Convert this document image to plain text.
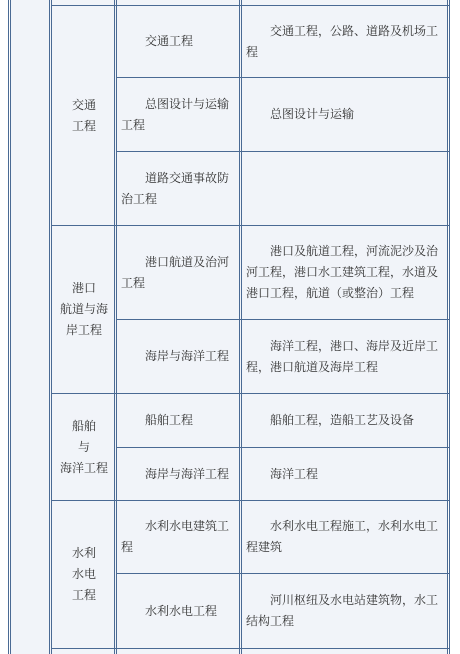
交通
工程
交通工程
交通工程，公路、道路及机场工程
总图设计与运输工程
总图设计与运输
道路交通事故防治工程
港口
航道与海
岸工程
港口航道及治河工程
港口及航道工程，河流泥沙及治河工程，港口水工建筑工程，水道及港口工程，航道（或整治）工程
海岸与海洋工程
海洋工程，港口、海岸及近岸工程，港口航道及海岸工程
船舶
与
海洋工程
船舶工程	船舶工程，造船工艺及设备
海岸与海洋工程	海洋工程
水利
水电
工程
水利水电建筑工程
水利水电工程施工，水利水电工程建筑
水利水电工程
河川枢纽及水电站建筑物，水工结构工程
